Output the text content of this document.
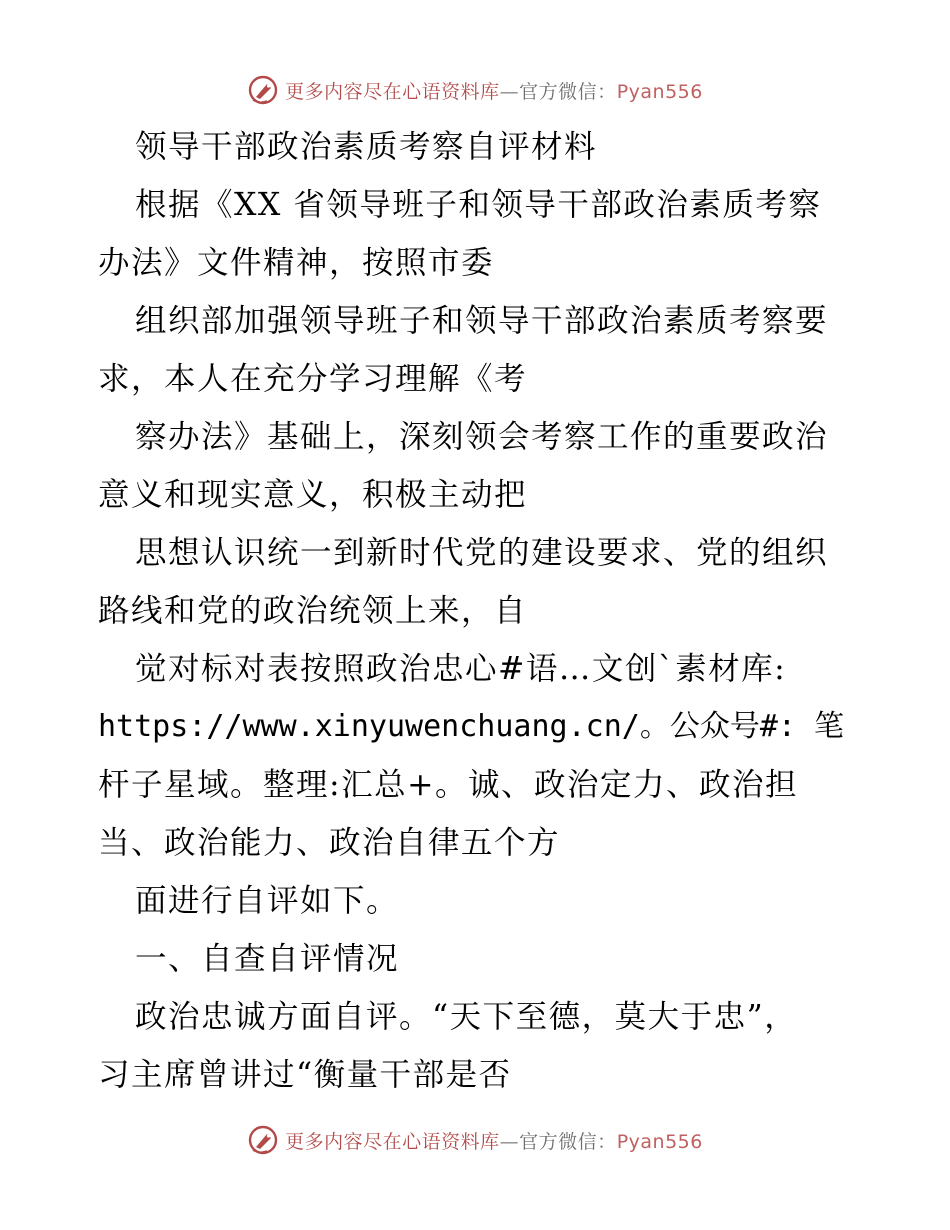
更多内容尽在心语资料库—官方微信：Pyan556
领导干部政治素质考察自评材料
根据《XX 省领导班子和领导干部政治素质考察
办法》文件精神，按照市委
组织部加强领导班子和领导干部政治素质考察要
求，本人在充分学习理解《考
察办法》基础上，深刻领会考察工作的重要政治
意义和现实意义，积极主动把
思想认识统一到新时代党的建设要求、党的组织
路线和党的政治统领上来，自
觉对标对表按照政治忠心#语…文创`素材库:
https://www.xinyuwenchuang.cn/。公众号#: 笔
杆子星域。整理:汇总+。诚、政治定力、政治担
当、政治能力、政治自律五个方
面进行自评如下。
一、自查自评情况
政治忠诚方面自评。“天下至德，莫大于忠”，
习主席曾讲过“衡量干部是否
更多内容尽在心语资料库—官方微信：Pyan556
